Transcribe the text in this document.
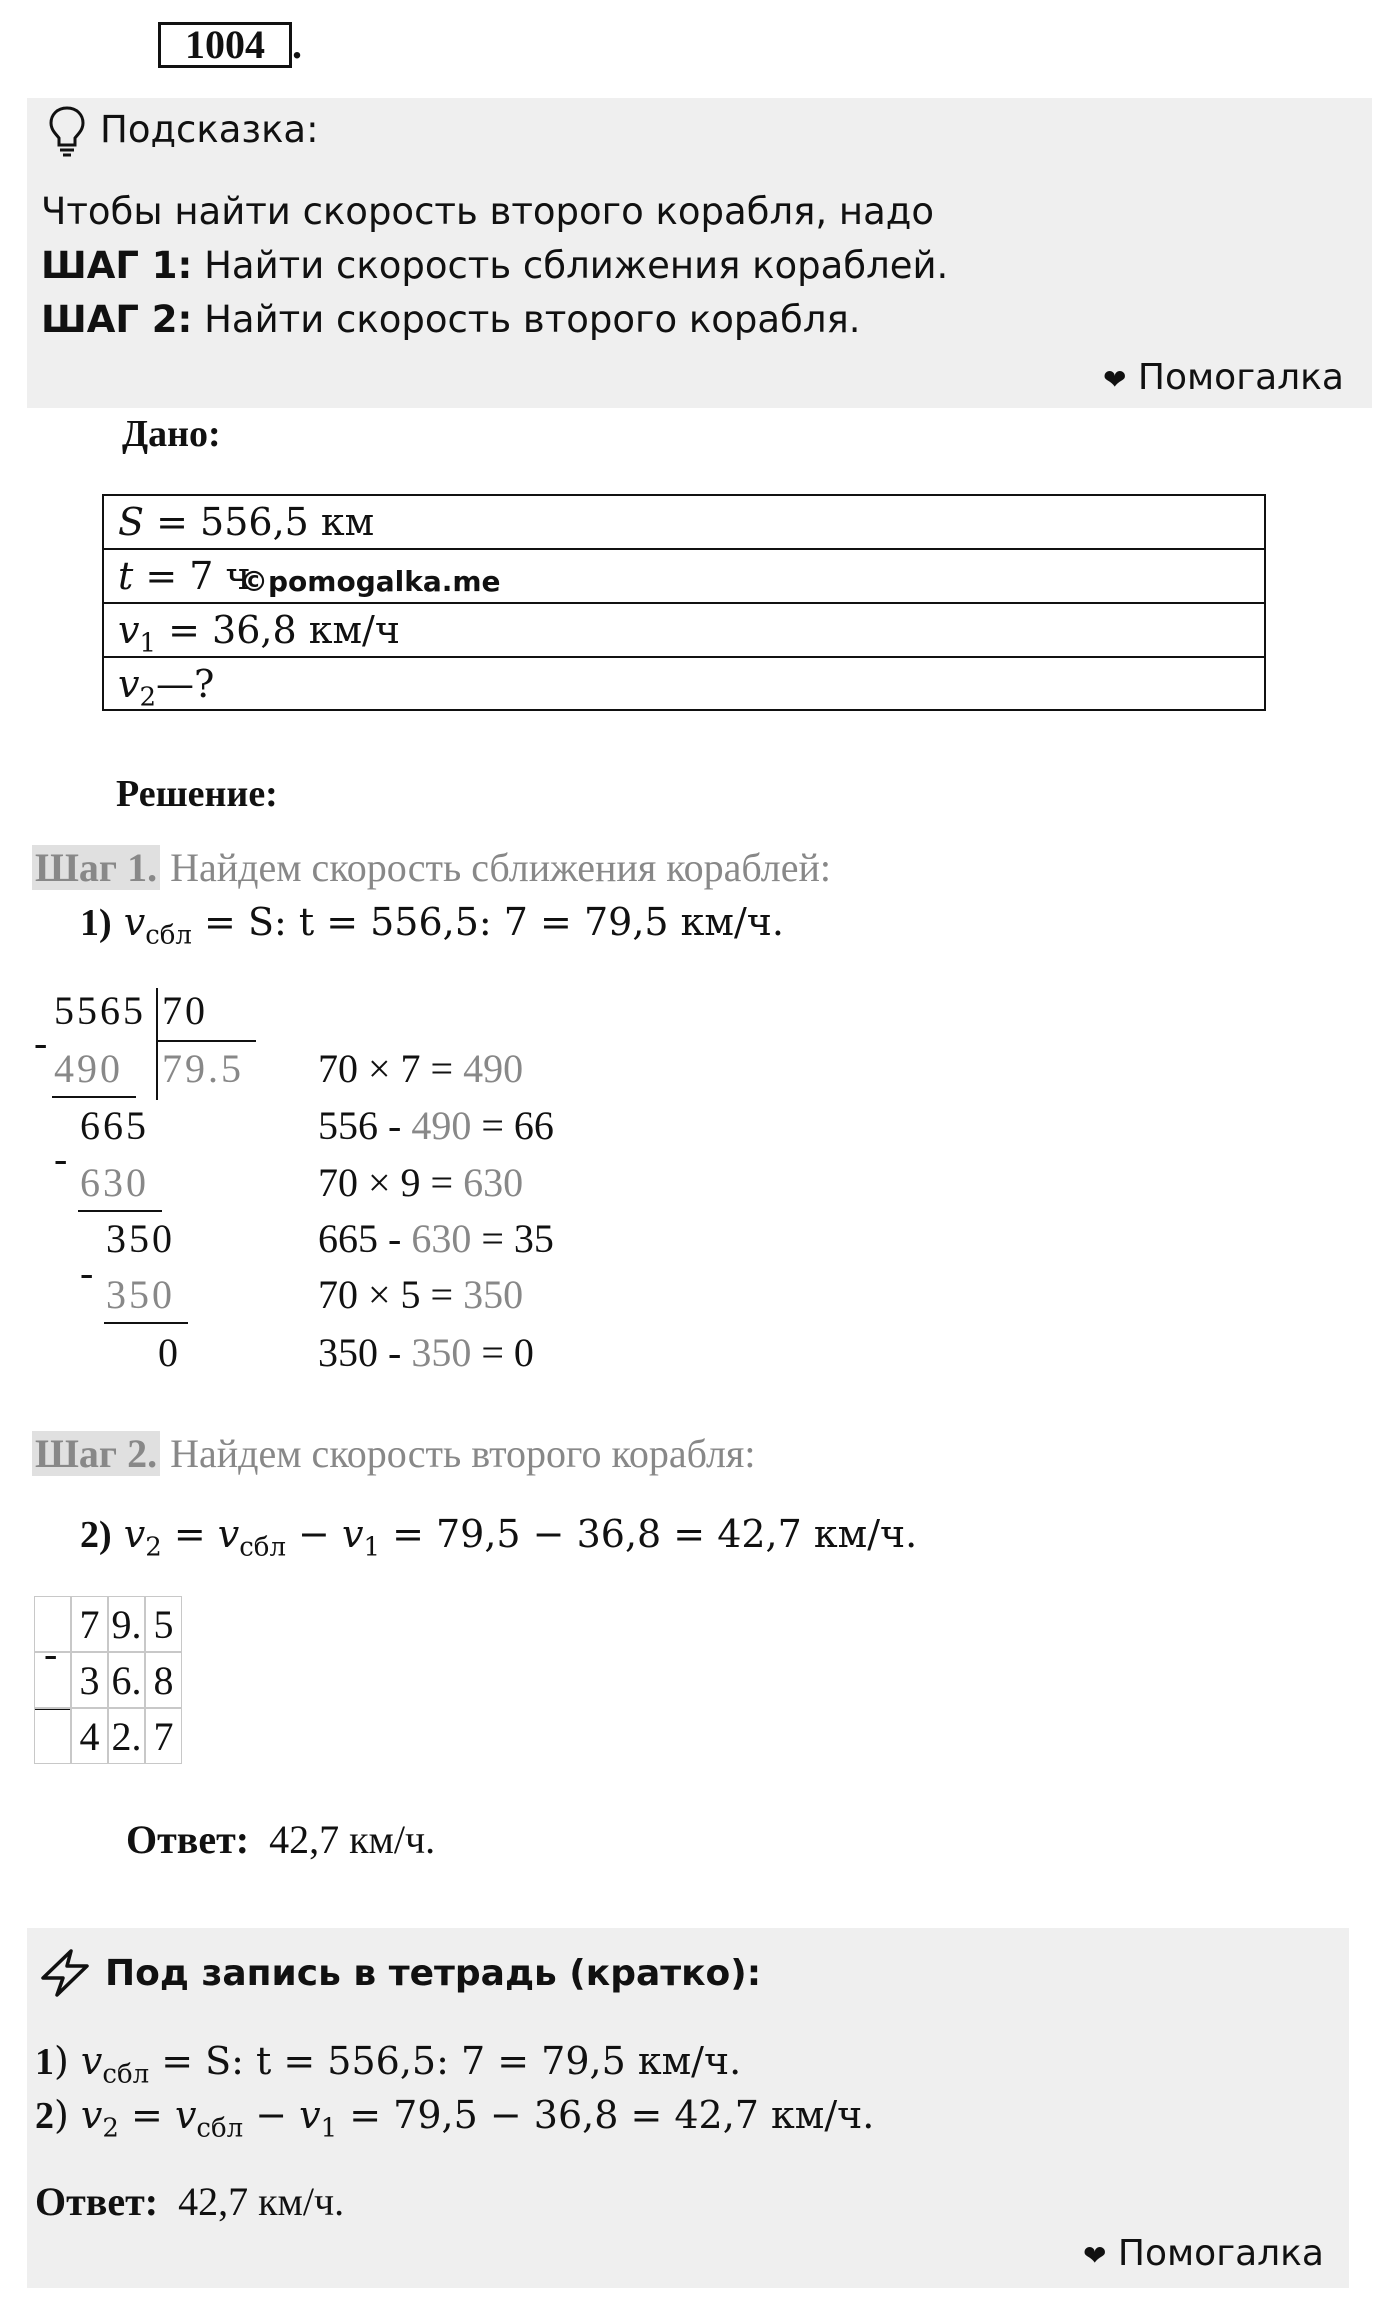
1004 .
Подсказка:
Чтобы найти скорость второго корабля, надо
ШАГ 1: Найти скорость сближения кораблей.
ШАГ 2: Найти скорость второго корабля.
❤ Помогалка
Дано:
S = 556,5 км
t = 7 ч
©pomogalka.me
$v_1 = 36,8$ км/ч
$v_2—$?
Решение:
Шаг 1. Найдем скорость сближения кораблей:
1) $v_{сбл} = S$: t = 556,5: 7 = 79,5 км/ч.
5565 70
79.5
-
490
665
-
630
350
- 350
0
70 × 7 = 490
556 - 490 = 66
70 × 9 = 630
665 - 630 = 35
70 × 5 = 350
350 - 350 = 0
Шаг 2. Найдем скорость второго корабля:
2) $v_2 = v_{сбл} - v_1 = 79,5 - 36,8 = 42,7$ км/ч.
7 9. 5
-
3 6. 8
4 2. 7
Ответ:  42,7 км/ч.
Под запись в тетрадь (кратко):
1) $v_{сбл} = S$: t = 556,5: 7 = 79,5 км/ч.
2) $v_2 = v_{сбл} - v_1 = 79,5 - 36,8 = 42,7$ км/ч.
Ответ:  42,7 км/ч.
❤ Помогалка
